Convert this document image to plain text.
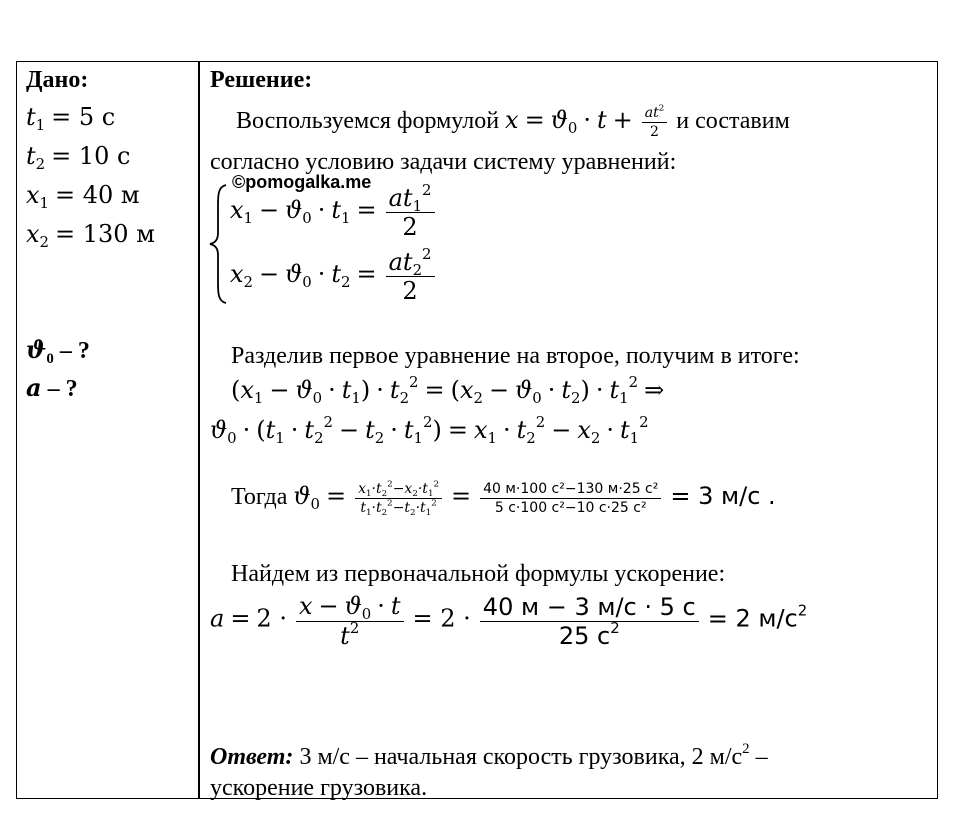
Дано:
$t_1 = 5$ с
$t_2 = 10$ с
$x_1 = 40$ м
$x_2 = 130$ м
$ϑ_0$ – ?
a – ?
Решение:
Воспользуемся формулой $x = ϑ_0 \cdot t + \frac{at^2}{2}$ и составим
согласно условию задачи систему уравнений:
©pomogalka.me
$x_1 - ϑ_0 \cdot t_1 = \frac{at_1^2}{2}$
$x_2 - ϑ_0 \cdot t_2 = \frac{at_2^2}{2}$
Разделив первое уравнение на второе, получим в итоге:
$(x_1 - ϑ_0 \cdot t_1) \cdot t_2^2 = (x_2 - ϑ_0 \cdot t_2) \cdot t_1^2$ ⇒
$ϑ_0 \cdot (t_1 \cdot t_2^2 - t_2 \cdot t_1^2) = x_1 \cdot t_2^2 - x_2 \cdot t_1^2$
Тогда $ϑ_0 = \frac{x_1\cdot t_2^2-x_2\cdot t_1^2}{t_1\cdot t_2^2-t_2\cdot t_1^2} = \frac{\text{40 м·100 с²−130 м·25 с²}}{\text{5 с·100 с²−10 с·25 с²}} = 3$ м/с .
Найдем из первоначальной формулы ускорение:
$a = 2 \cdot \frac{x - ϑ_0 \cdot t}{t^2} = 2 \cdot \frac{40 м - 3 м/с \cdot 5 с}{25 с^2} = 2$ $м/с^2$
Ответ: 3 м/с – начальная скорость грузовика, 2 $м/с^2$ –
ускорение грузовика.
